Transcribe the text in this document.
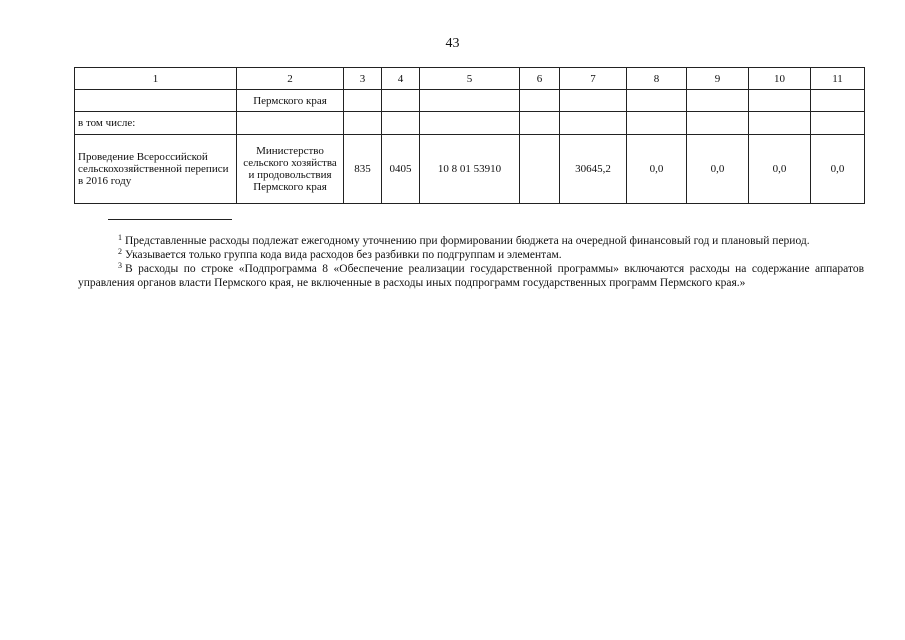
43
1	2	3	4	5	6	7	8	9	10	11
	Пермского края									
в том числе:										
Проведение Всероссийской сельскохозяйственной переписи в 2016 году	Министерство сельского хозяйства и продовольствия Пермского края	835	0405	10 8 01 53910		30645,2	0,0	0,0	0,0	0,0

$^1$ Представленные расходы подлежат ежегодному уточнению при формировании бюджета на очередной финансовый год и плановый период.

$^2$ Указывается только группа кода вида расходов без разбивки по подгруппам и элементам.

$^3$ В расходы по строке «Подпрограмма 8 «Обеспечение реализации государственной программы» включаются расходы на содержание аппаратов управления органов власти Пермского края, не включенные в расходы иных подпрограмм государственных программ Пермского края.»
